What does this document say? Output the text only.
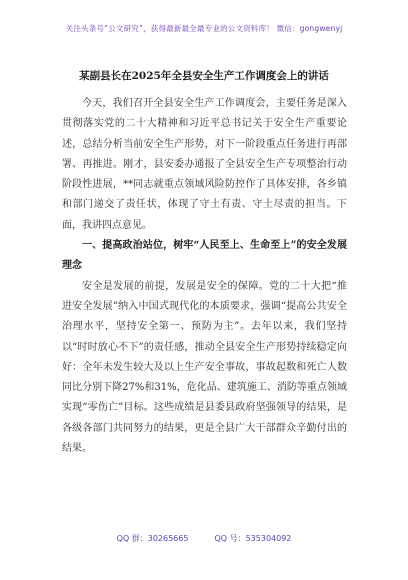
关注头条号“公文研究”，获得最新最全最专业的公文资料库！ 微信：gongwenyj
某副县长在2025年全县安全生产工作调度会上的讲话

今天，我们召开全县安全生产工作调度会，主要任务是深入贯彻落实党的二十大精神和习近平总书记关于安全生产重要论述，总结分析当前安全生产形势，对下一阶段重点任务进行再部署、再推进。刚才，县安委办通报了全县安全生产专项整治行动阶段性进展，**同志就重点领域风险防控作了具体安排，各乡镇和部门递交了责任状，体现了守土有责、守土尽责的担当。下面，我讲四点意见。

一、提高政治站位，树牢“人民至上、生命至上”的安全发展理念

安全是发展的前提，发展是安全的保障。党的二十大把“推进安全发展”纳入中国式现代化的本质要求，强调“提高公共安全治理水平，坚持安全第一、预防为主”。去年以来，我们坚持以“时时放心不下”的责任感，推动全县安全生产形势持续稳定向好：全年未发生较大及以上生产安全事故，事故起数和死亡人数同比分别下降27%和31%，危化品、建筑施工、消防等重点领域实现“零伤亡”目标。这些成绩是县委县政府坚强领导的结果，是各级各部门共同努力的结果，更是全县广大干部群众辛勤付出的结果。

QQ 群：30265665	QQ 号：535304092
